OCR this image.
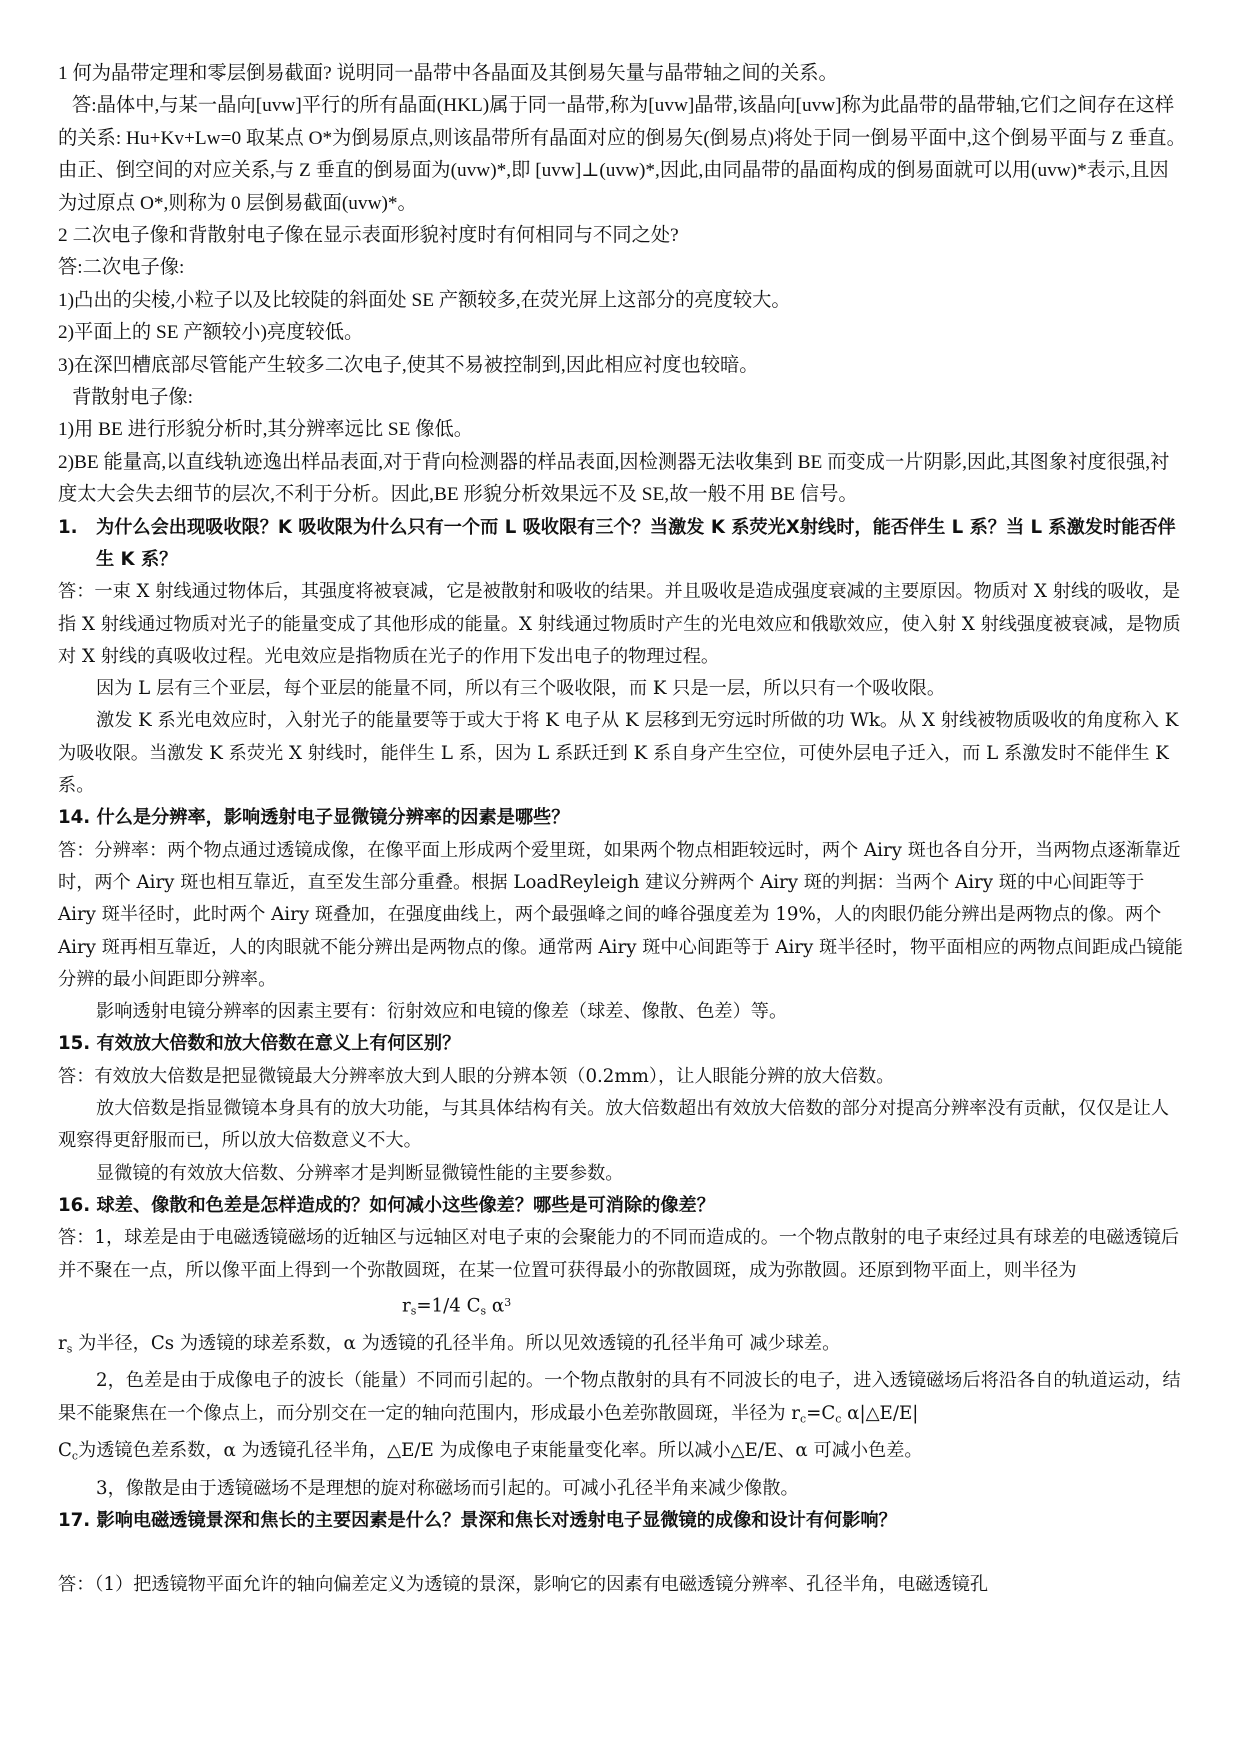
1 何为晶带定理和零层倒易截面? 说明同一晶带中各晶面及其倒易矢量与晶带轴之间的关系。

答:晶体中,与某一晶向[uvw]平行的所有晶面(HKL)属于同一晶带,称为[uvw]晶带,该晶向[uvw]称为此晶带的晶带轴,它们之间存在这样的关系: Hu+Kv+Lw=0 取某点 O*为倒易原点,则该晶带所有晶面对应的倒易矢(倒易点)将处于同一倒易平面中,这个倒易平面与 Z 垂直。由正、倒空间的对应关系,与 Z 垂直的倒易面为(uvw)*,即 [uvw]⊥(uvw)*,因此,由同晶带的晶面构成的倒易面就可以用(uvw)*表示,且因为过原点 O*,则称为 0 层倒易截面(uvw)*。

2 二次电子像和背散射电子像在显示表面形貌衬度时有何相同与不同之处?

答:二次电子像:

1)凸出的尖棱,小粒子以及比较陡的斜面处 SE 产额较多,在荧光屏上这部分的亮度较大。

2)平面上的 SE 产额较小)亮度较低。

3)在深凹槽底部尽管能产生较多二次电子,使其不易被控制到,因此相应衬度也较暗。

背散射电子像:

1)用 BE 进行形貌分析时,其分辨率远比 SE 像低。

2)BE 能量高,以直线轨迹逸出样品表面,对于背向检测器的样品表面,因检测器无法收集到 BE 而变成一片阴影,因此,其图象衬度很强,衬度太大会失去细节的层次,不利于分析。因此,BE 形貌分析效果远不及 SE,故一般不用 BE 信号。

1.	为什么会出现吸收限？K 吸收限为什么只有一个而 L 吸收限有三个？当激发 K 系荧光Ⅹ射线时，能否伴生 L 系？当 L 系激发时能否伴生 K 系？

答：一束 X 射线通过物体后，其强度将被衰减，它是被散射和吸收的结果。并且吸收是造成强度衰减的主要原因。物质对 X 射线的吸收，是指 X 射线通过物质对光子的能量变成了其他形成的能量。X 射线通过物质时产生的光电效应和俄歇效应，使入射 X 射线强度被衰减，是物质对 X 射线的真吸收过程。光电效应是指物质在光子的作用下发出电子的物理过程。

因为 L 层有三个亚层，每个亚层的能量不同，所以有三个吸收限，而 K 只是一层，所以只有一个吸收限。

激发 K 系光电效应时，入射光子的能量要等于或大于将 K 电子从 K 层移到无穷远时所做的功 Wk。从 X 射线被物质吸收的角度称入 K 为吸收限。当激发 K 系荧光 X 射线时，能伴生 L 系，因为 L 系跃迁到 K 系自身产生空位，可使外层电子迁入，而 L 系激发时不能伴生 K 系。

14. 什么是分辨率，影响透射电子显微镜分辨率的因素是哪些？

答：分辨率：两个物点通过透镜成像，在像平面上形成两个爱里斑，如果两个物点相距较远时，两个 Airy 斑也各自分开，当两物点逐渐靠近时，两个 Airy 斑也相互靠近，直至发生部分重叠。根据 LoadReyleigh 建议分辨两个 Airy 斑的判据：当两个 Airy 斑的中心间距等于 Airy 斑半径时，此时两个 Airy 斑叠加，在强度曲线上，两个最强峰之间的峰谷强度差为 19%，人的肉眼仍能分辨出是两物点的像。两个 Airy 斑再相互靠近，人的肉眼就不能分辨出是两物点的像。通常两 Airy 斑中心间距等于 Airy 斑半径时，物平面相应的两物点间距成凸镜能分辨的最小间距即分辨率。

影响透射电镜分辨率的因素主要有：衍射效应和电镜的像差（球差、像散、色差）等。

15. 有效放大倍数和放大倍数在意义上有何区别？

答：有效放大倍数是把显微镜最大分辨率放大到人眼的分辨本领（0.2mm），让人眼能分辨的放大倍数。

放大倍数是指显微镜本身具有的放大功能，与其具体结构有关。放大倍数超出有效放大倍数的部分对提高分辨率没有贡献，仅仅是让人观察得更舒服而已，所以放大倍数意义不大。

显微镜的有效放大倍数、分辨率才是判断显微镜性能的主要参数。

16. 球差、像散和色差是怎样造成的？如何减小这些像差？哪些是可消除的像差？

答：1，球差是由于电磁透镜磁场的近轴区与远轴区对电子束的会聚能力的不同而造成的。一个物点散射的电子束经过具有球差的电磁透镜后并不聚在一点，所以像平面上得到一个弥散圆斑，在某一位置可获得最小的弥散圆斑，成为弥散圆。还原到物平面上，则半径为

$r_s=1/4$ $C_s$ $\alpha^3$

$r_s$ 为半径，Cs 为透镜的球差系数，α 为透镜的孔径半角。所以见效透镜的孔径半角可 减少球差。

2，色差是由于成像电子的波长（能量）不同而引起的。一个物点散射的具有不同波长的电子，进入透镜磁场后将沿各自的轨道运动，结果不能聚焦在一个像点上，而分别交在一定的轴向范围内，形成最小色差弥散圆斑，半径为 $r_c=C_c$ α|△E/E|

$C_c$为透镜色差系数，α 为透镜孔径半角，△E/E 为成像电子束能量变化率。所以减小△E/E、α 可减小色差。

3，像散是由于透镜磁场不是理想的旋对称磁场而引起的。可减小孔径半角来减少像散。

17. 影响电磁透镜景深和焦长的主要因素是什么？景深和焦长对透射电子显微镜的成像和设计有何影响？

答：（1）把透镜物平面允许的轴向偏差定义为透镜的景深，影响它的因素有电磁透镜分辨率、孔径半角，电磁透镜孔
